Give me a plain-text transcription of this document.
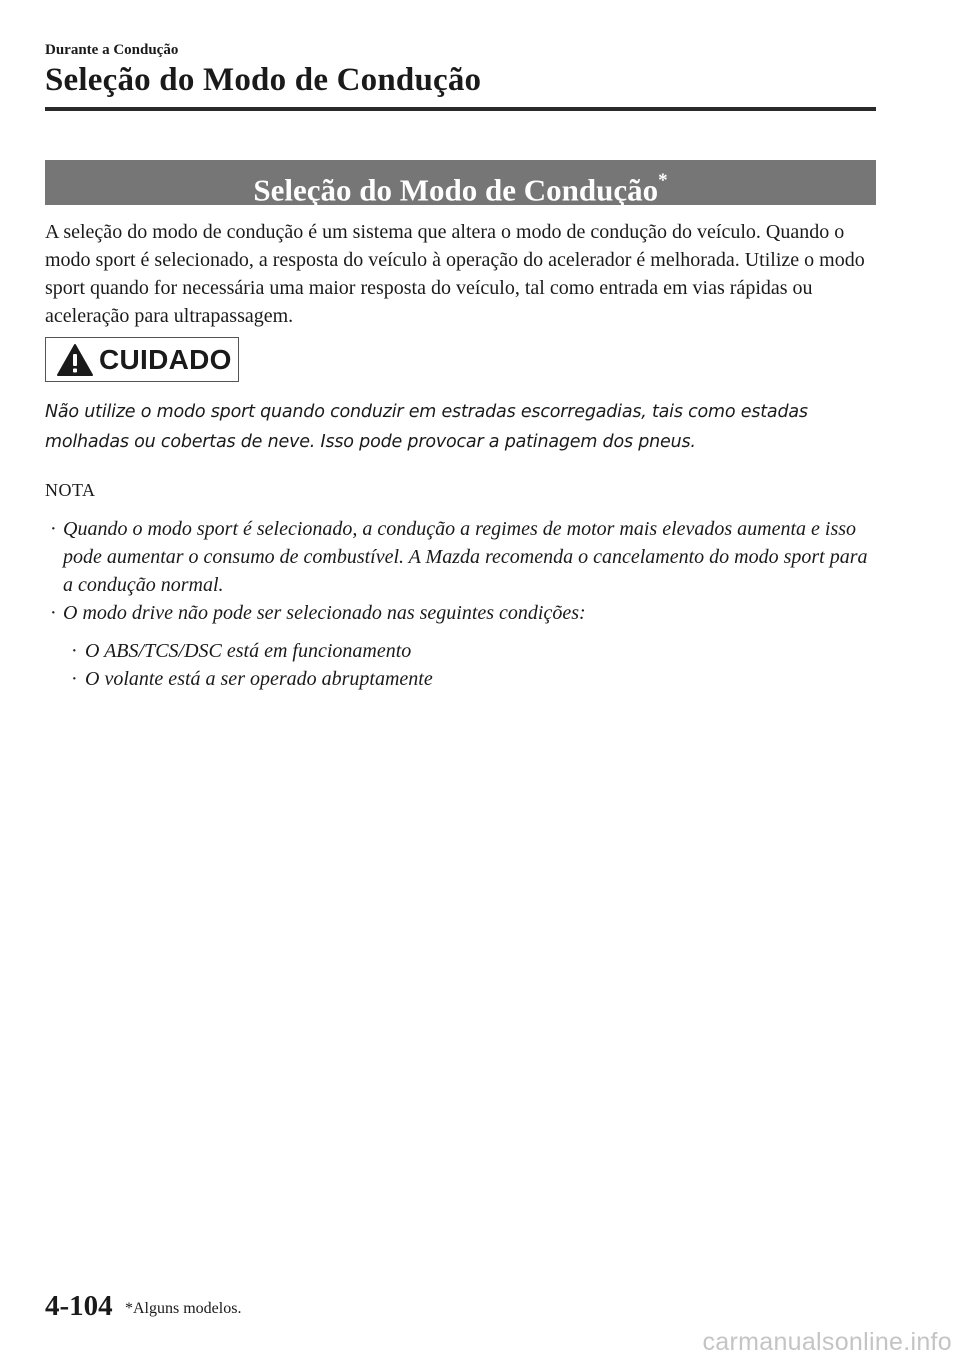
Durante a Condução
Seleção do Modo de Condução
Seleção do Modo de Condução*

A seleção do modo de condução é um sistema que altera o modo de condução do veículo. Quando o modo sport é selecionado, a resposta do veículo à operação do acelerador é melhorada. Utilize o modo sport quando for necessária uma maior resposta do veículo, tal como entrada em vias rápidas ou aceleração para ultrapassagem.

CUIDADO

Não utilize o modo sport quando conduzir em estradas escorregadias, tais como estadas molhadas ou cobertas de neve. Isso pode provocar a patinagem dos pneus.

NOTA
· Quando o modo sport é selecionado, a condução a regimes de motor mais elevados aumenta e isso pode aumentar o consumo de combustível. A Mazda recomenda o cancelamento do modo sport para a condução normal.
· O modo drive não pode ser selecionado nas seguintes condições:
· O ABS/TCS/DSC está em funcionamento
· O volante está a ser operado abruptamente
4-104 *Alguns modelos.
carmanualsonline.info
